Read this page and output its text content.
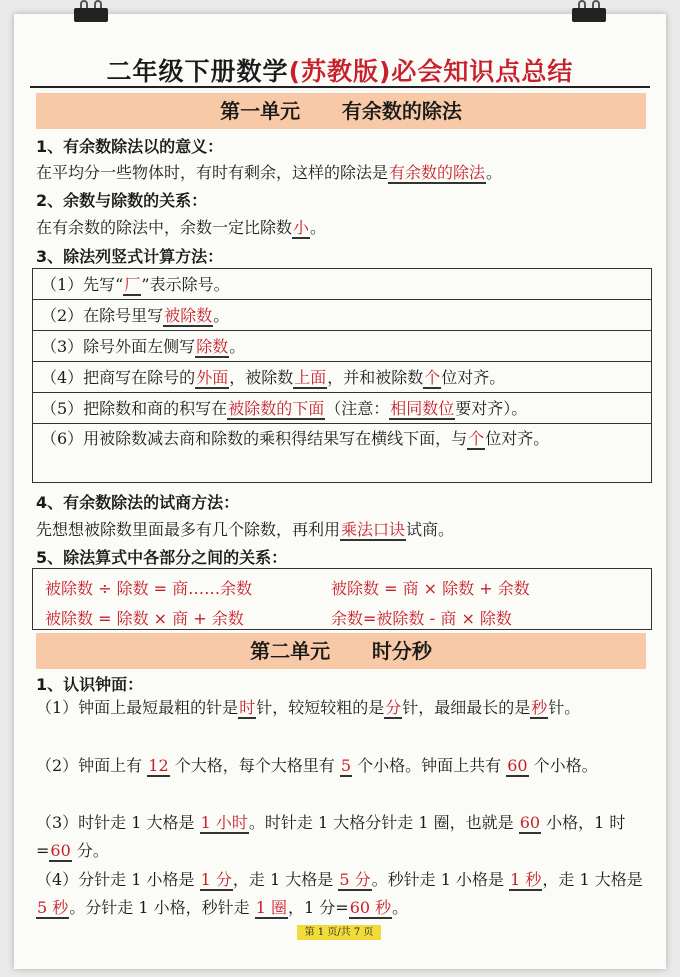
二年级下册数学(苏教版)必会知识点总结
第一单元      有余数的除法
1、有余数除法以的意义：
在平均分一些物体时，有时有剩余，这样的除法是有余数的除法。
2、余数与除数的关系：
在有余数的除法中，余数一定比除数小。
3、除法列竖式计算方法：
（1）先写“厂”表示除号。
（2）在除号里写被除数。
（3）除号外面左侧写除数。
（4）把商写在除号的外面，被除数上面，并和被除数个位对齐。
（5）把除数和商的积写在被除数的下面（注意：相同数位要对齐）。
（6）用被除数减去商和除数的乘积得结果写在横线下面，与个位对齐。
4、有余数除法的试商方法：
先想想被除数里面最多有几个除数，再利用乘法口诀试商。
5、除法算式中各部分之间的关系：
被除数 ÷ 除数 = 商……余数	被除数 = 商 × 除数 + 余数
被除数 = 除数 × 商 + 余数	余数=被除数 - 商 × 除数
第二单元      时分秒
1、认识钟面：
（1）钟面上最短最粗的针是时针，较短较粗的是分针，最细最长的是秒针。
（2）钟面上有 12 个大格，每个大格里有 5 个小格。钟面上共有 60 个小格。
（3）时针走 1 大格是 1 小时。时针走 1 大格分针走 1 圈，也就是 60 小格，1 时=60 分。
（4）分针走 1 小格是 1 分，走 1 大格是 5 分。秒针走 1 小格是 1 秒，走 1 大格是 5 秒。分针走 1 小格，秒针走 1 圈，1 分=60 秒。
第 1 页/共 7 页
